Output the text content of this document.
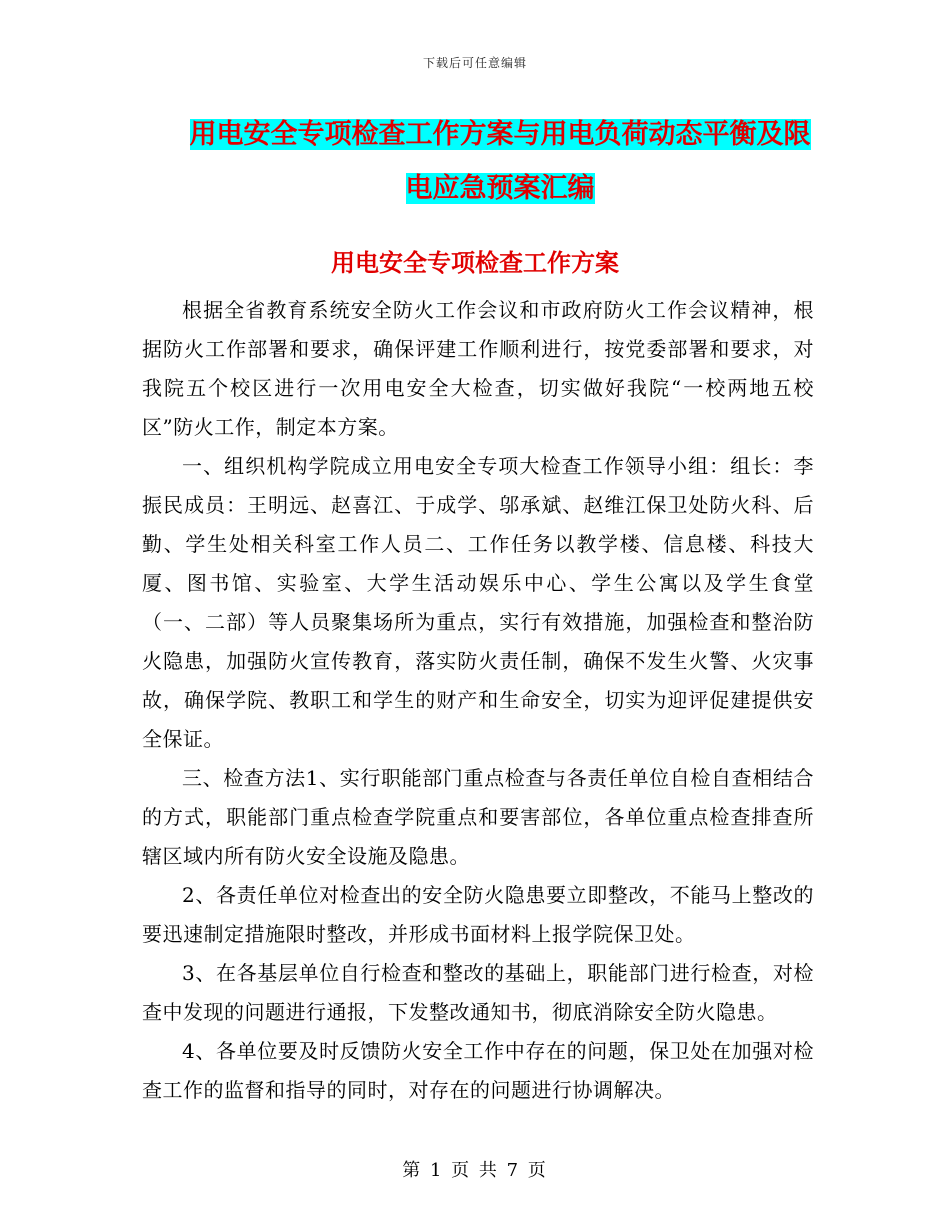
下载后可任意编辑
用电安全专项检查工作方案与用电负荷动态平衡及限
电应急预案汇编
用电安全专项检查工作方案

根据全省教育系统安全防火工作会议和市政府防火工作会议精神，根据防火工作部署和要求，确保评建工作顺利进行，按党委部署和要求，对我院五个校区进行一次用电安全大检查，切实做好我院“一校两地五校区”防火工作，制定本方案。

一、组织机构学院成立用电安全专项大检查工作领导小组：组长：李振民成员：王明远、赵喜江、于成学、邬承斌、赵维江保卫处防火科、后勤、学生处相关科室工作人员二、工作任务以教学楼、信息楼、科技大厦、图书馆、实验室、大学生活动娱乐中心、学生公寓以及学生食堂（一、二部）等人员聚集场所为重点，实行有效措施，加强检查和整治防火隐患，加强防火宣传教育，落实防火责任制，确保不发生火警、火灾事故，确保学院、教职工和学生的财产和生命安全，切实为迎评促建提供安全保证。

三、检查方法1、实行职能部门重点检查与各责任单位自检自查相结合的方式，职能部门重点检查学院重点和要害部位，各单位重点检查排查所辖区域内所有防火安全设施及隐患。

2、各责任单位对检查出的安全防火隐患要立即整改，不能马上整改的要迅速制定措施限时整改，并形成书面材料上报学院保卫处。

3、在各基层单位自行检查和整改的基础上，职能部门进行检查，对检查中发现的问题进行通报，下发整改通知书，彻底消除安全防火隐患。

4、各单位要及时反馈防火安全工作中存在的问题，保卫处在加强对检查工作的监督和指导的同时，对存在的问题进行协调解决。

第 1 页 共 7 页
